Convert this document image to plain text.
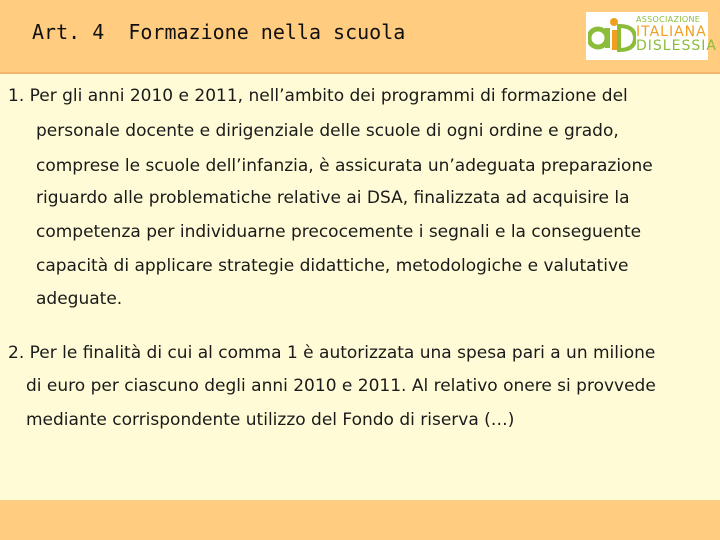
Art. 4  Formazione nella scuola
ASSOCIAZIONE
ITALIANA
DISLESSIA
1. Per gli anni 2010 e 2011, nell’ambito dei programmi di formazione del
personale docente e dirigenziale delle scuole di ogni ordine e grado,
comprese le scuole dell’infanzia, è assicurata un’adeguata preparazione
riguardo alle problematiche relative ai DSA, finalizzata ad acquisire la
competenza per individuarne precocemente i segnali e la conseguente
capacità di applicare strategie didattiche, metodologiche e valutative
adeguate.
2. Per le finalità di cui al comma 1 è autorizzata una spesa pari a un milione
di euro per ciascuno degli anni 2010 e 2011. Al relativo onere si provvede
mediante corrispondente utilizzo del Fondo di riserva (…)
